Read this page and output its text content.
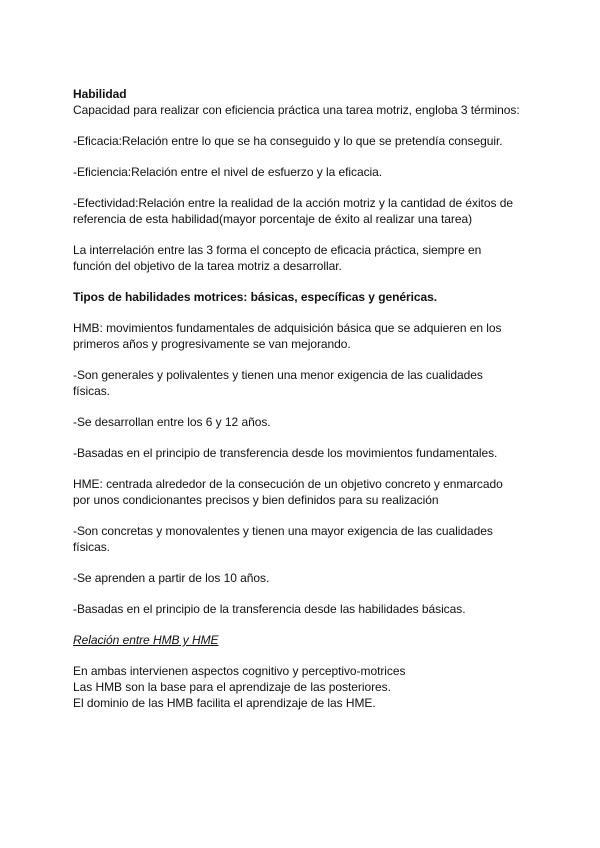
Habilidad
Capacidad para realizar con eficiencia práctica una tarea motriz, engloba 3 términos:

-Eficacia:Relación entre lo que se ha conseguido y lo que se pretendía conseguir.

-Eficiencia:Relación entre el nivel de esfuerzo y la eficacia.

-Efectividad:Relación entre la realidad de la acción motriz y la cantidad de éxitos de
referencia de esta habilidad(mayor porcentaje de éxito al realizar una tarea)

La interrelación entre las 3 forma el concepto de eficacia práctica, siempre en
función del objetivo de la tarea motriz a desarrollar.

Tipos de habilidades motrices: básicas, específicas y genéricas.

HMB: movimientos fundamentales de adquisición básica que se adquieren en los
primeros años y progresivamente se van mejorando.

-Son generales y polivalentes y tienen una menor exigencia de las cualidades
físicas.

-Se desarrollan entre los 6 y 12 años.

-Basadas en el principio de transferencia desde los movimientos fundamentales.

HME: centrada alrededor de la consecución de un objetivo concreto y enmarcado
por unos condicionantes precisos y bien definidos para su realización

-Son concretas y monovalentes y tienen una mayor exigencia de las cualidades
físicas.

-Se aprenden a partir de los 10 años.

-Basadas en el principio de la transferencia desde las habilidades básicas.

Relación entre HMB y HME

En ambas intervienen aspectos cognitivo y perceptivo-motrices
Las HMB son la base para el aprendizaje de las posteriores.
El dominio de las HMB facilita el aprendizaje de las HME.
